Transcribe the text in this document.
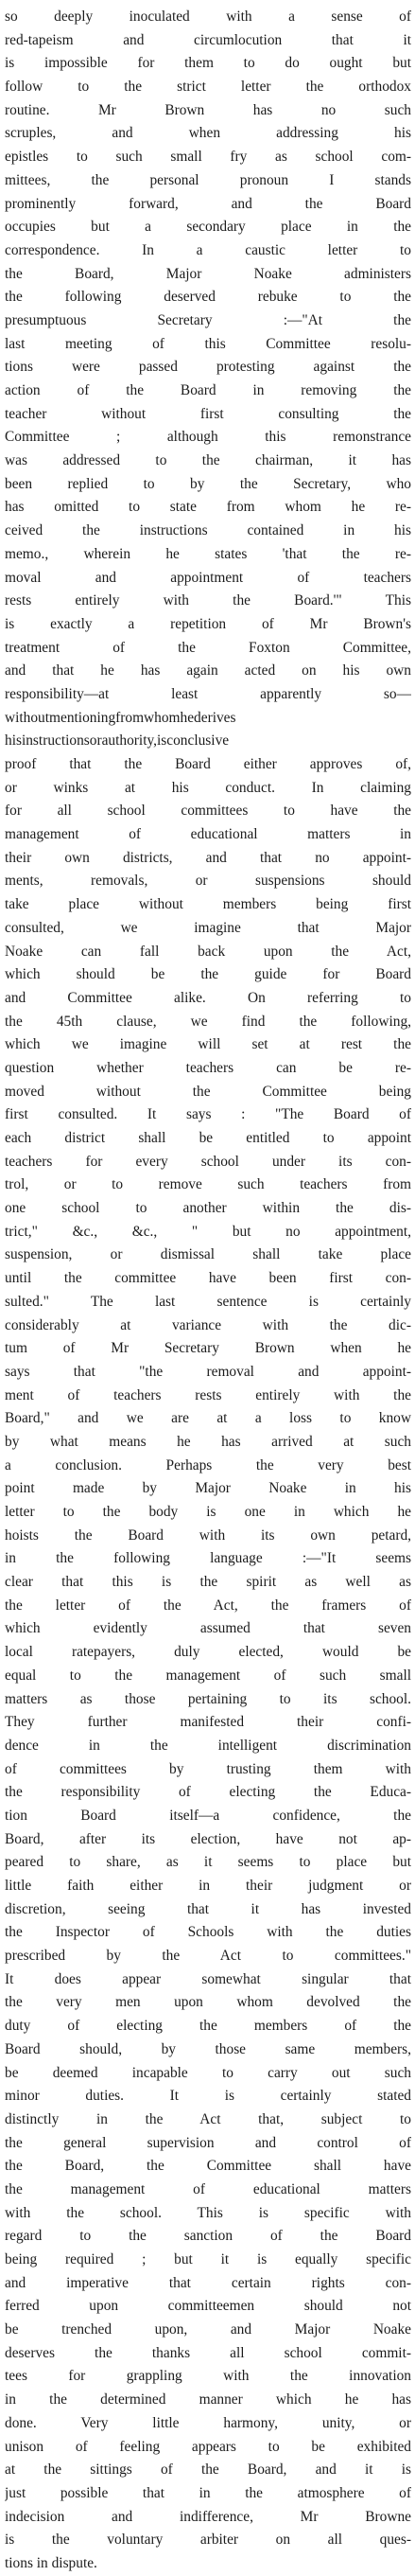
so deeply inoculated with a sense of
red-tapeism and circumlocution that it
is impossible for them to do ought but
follow to the strict letter the orthodox
routine. Mr Brown has no such
scruples, and when addressing his
epistles to such small fry as school com-
mittees, the personal pronoun I stands
prominently forward, and the Board
occupies but a secondary place in the
correspondence. In a caustic letter to
the Board, Major Noake administers
the following deserved rebuke to the
presumptuous Secretary :—"At the
last meeting of this Committee resolu-
tions were passed protesting against the
action of the Board in removing the
teacher without first consulting the
Committee ; although this remonstrance
was addressed to the chairman, it has
been replied to by the Secretary, who
has omitted to state from whom he re-
ceived the instructions contained in his
memo., wherein he states 'that the re-
moval and appointment of teachers
rests entirely with the Board.'" This
is exactly a repetition of Mr Brown's
treatment of the Foxton Committee,
and that he has again acted on his own
responsibility—at least apparently so—
withoutmentioningfromwhomhederives
hisinstructionsorauthority,isconclusive
proof that the Board either approves of,
or winks at his conduct. In claiming
for all school committees to have the
management of educational matters in
their own districts, and that no appoint-
ments, removals, or suspensions should
take place without members being first
consulted, we imagine that Major
Noake can fall back upon the Act,
which should be the guide for Board
and Committee alike. On referring to
the 45th clause, we find the following,
which we imagine will set at rest the
question whether teachers can be re-
moved without the Committee being
first consulted. It says : "The Board of
each district shall be entitled to appoint
teachers for every school under its con-
trol, or to remove such teachers from
one school to another within the dis-
trict," &c., &c., " but no appointment,
suspension, or dismissal shall take place
until the committee have been first con-
sulted." The last sentence is certainly
considerably at variance with the dic-
tum of Mr Secretary Brown when he
says that "the removal and appoint-
ment of teachers rests entirely with the
Board," and we are at a loss to know
by what means he has arrived at such
a conclusion. Perhaps the very best
point made by Major Noake in his
letter to the body is one in which he
hoists the Board with its own petard,
in the following language :—"It seems
clear that this is the spirit as well as
the letter of the Act, the framers of
which evidently assumed that seven
local ratepayers, duly elected, would be
equal to the management of such small
matters as those pertaining to its school.
They further manifested their confi-
dence in the intelligent discrimination
of committees by trusting them with
the responsibility of electing the Educa-
tion Board itself—a confidence, the
Board, after its election, have not ap-
peared to share, as it seems to place but
little faith either in their judgment or
discretion, seeing that it has invested
the Inspector of Schools with the duties
prescribed by the Act to committees."
It does appear somewhat singular that
the very men upon whom devolved the
duty of electing the members of the
Board should, by those same members,
be deemed incapable to carry out such
minor duties. It is certainly stated
distinctly in the Act that, subject to
the general supervision and control of
the Board, the Committee shall have
the management of educational matters
with the school. This is specific with
regard to the sanction of the Board
being required ; but it is equally specific
and imperative that certain rights con-
ferred upon committeemen should not
be trenched upon, and Major Noake
deserves the thanks all school commit-
tees for grappling with the innovation
in the determined manner which he has
done. Very little harmony, unity, or
unison of feeling appears to be exhibited
at the sittings of the Board, and it is
just possible that in the atmosphere of
indecision and indifference, Mr Browne
is the voluntary arbiter on all ques-
tions in dispute.
